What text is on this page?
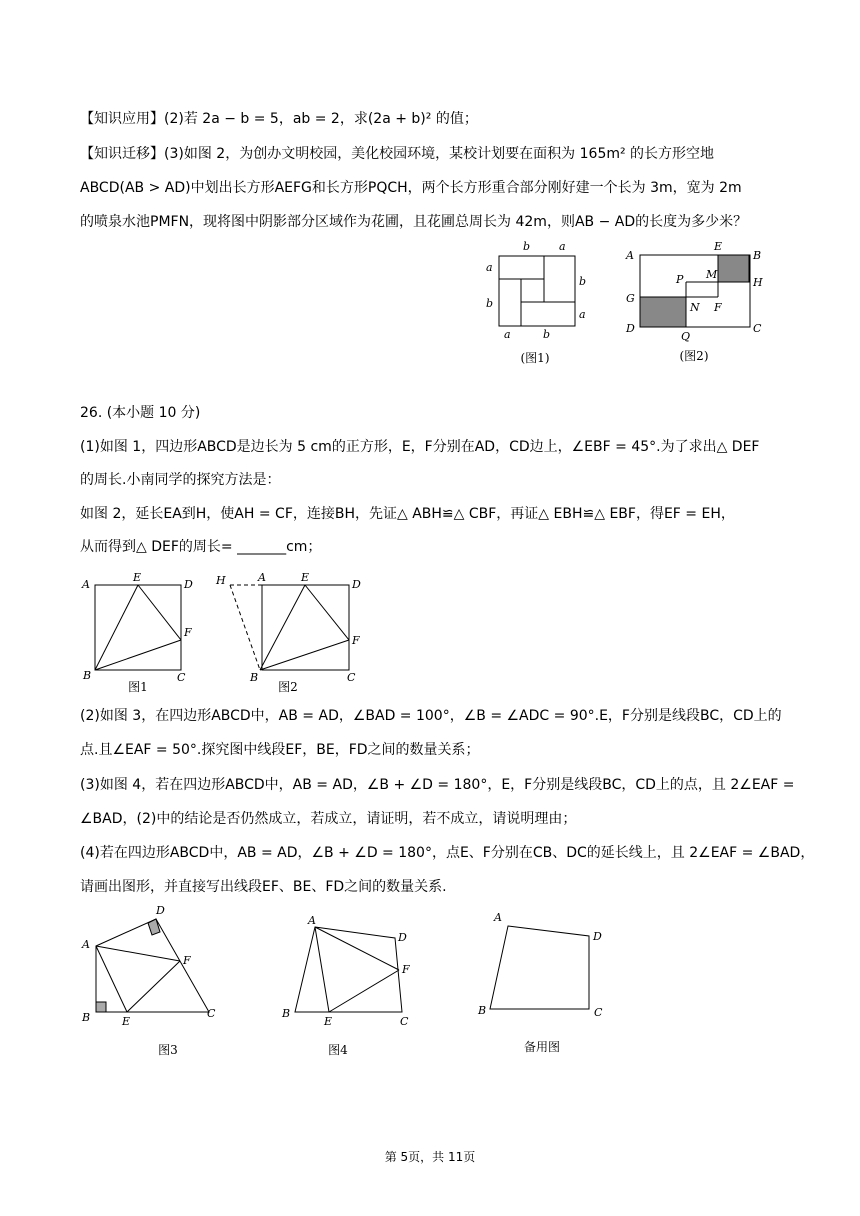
【知识应用】(2)若 2a − b = 5，ab = 2，求(2a + b)² 的值；
【知识迁移】(3)如图 2，为创办文明校园，美化校园环境，某校计划要在面积为 165m² 的长方形空地
ABCD(AB > AD)中划出长方形AEFG和长方形PQCH，两个长方形重合部分刚好建一个长为 3m，宽为 2m
的喷泉水池PMFN，现将图中阴影部分区域作为花圃，且花圃总周长为 42m，则AB − AD的长度为多少米？
b	a
a
b
b
b
a
a
(图1)
A
E
B
P M
H
G
N F
D
Q
C
(图2)
26. (本小题 10 分)
(1)如图 1，四边形ABCD是边长为 5 cm的正方形，E，F分别在AD，CD边上，∠EBF = 45°.为了求出△ DEF
的周长.小南同学的探究方法是：
如图 2，延长EA到H，使AH = CF，连接BH，先证△ ABH≌△ CBF，再证△ EBH≌△ EBF，得EF = EH，
从而得到△ DEF的周长= _______cm；
A
E
D
F
B	C
图1
H	A	E
D
F
B	C
图2
(2)如图 3，在四边形ABCD中，AB = AD，∠BAD = 100°，∠B = ∠ADC = 90°.E，F分别是线段BC，CD上的
点.且∠EAF = 50°.探究图中线段EF，BE，FD之间的数量关系；
(3)如图 4，若在四边形ABCD中，AB = AD，∠B + ∠D = 180°，E，F分别是线段BC，CD上的点，且 2∠EAF =
∠BAD，(2)中的结论是否仍然成立，若成立，请证明，若不成立，请说明理由；
(4)若在四边形ABCD中，AB = AD，∠B + ∠D = 180°，点E、F分别在CB、DC的延长线上，且 2∠EAF = ∠BAD，
请画出图形，并直接写出线段EF、BE、FD之间的数量关系.
D
A
F
B	E
C
图3
A
D
F
B
E	C
图4
A
D
B	C
备用图
第 5页，共 11页
